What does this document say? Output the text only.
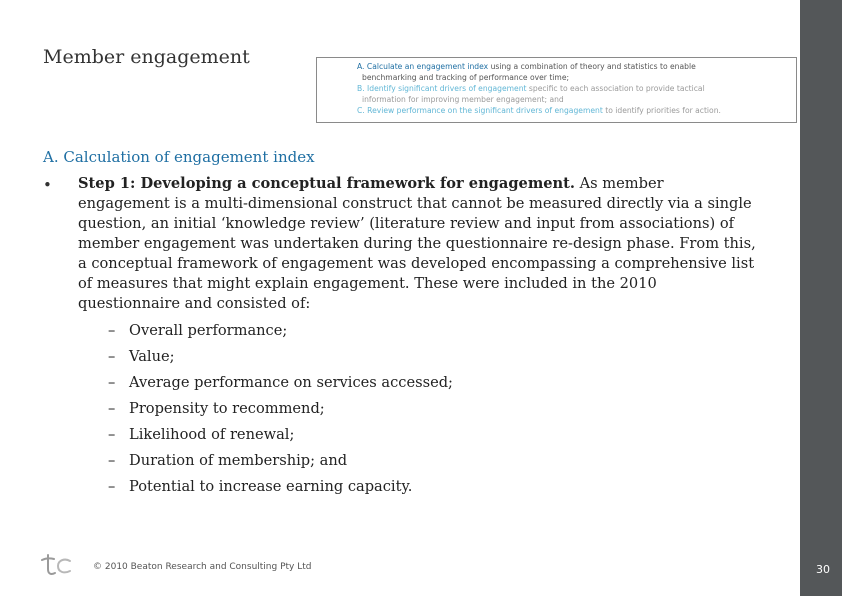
Member engagement	A. Calculate an engagement index using a combination of theory and statistics to enable
benchmarking and tracking of performance over time;
B. Identify significant drivers of engagement specific to each association to provide tactical
information for improving member engagement; and
C. Review performance on the significant drivers of engagement to identify priorities for action.
30
A. Calculation of engagement index
• Step 1: Developing a conceptual framework for engagement. As member engagement is a multi-dimensional construct that cannot be measured directly via a single question, an initial ‘knowledge review’ (literature review and input from associations) of member engagement was undertaken during the questionnaire re-design phase. From this, a conceptual framework of engagement was developed encompassing a comprehensive list of measures that might explain engagement. These were included in the 2010 questionnaire and consisted of:
– Overall performance;
– Value;
– Average performance on services accessed;
– Propensity to recommend;
– Likelihood of renewal;
– Duration of membership; and
– Potential to increase earning capacity.
© 2010 Beaton Research and Consulting Pty Ltd
